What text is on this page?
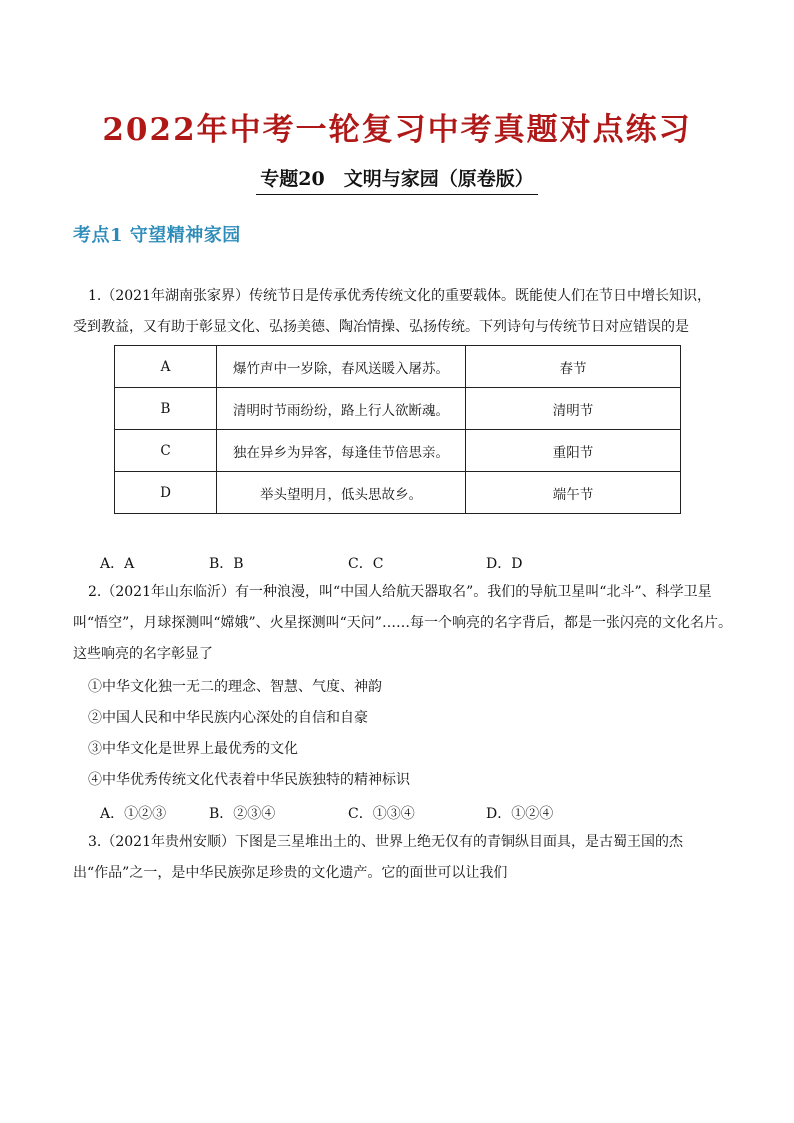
2022年中考一轮复习中考真题对点练习
专题20　文明与家园（原卷版）
考点1 守望精神家园
1.（2021年湖南张家界）传统节日是传承优秀传统文化的重要载体。既能使人们在节日中增长知识，
受到教益，又有助于彰显文化、弘扬美德、陶冶情操、弘扬传统。下列诗句与传统节日对应错误的是
A	爆竹声中一岁除，春风送暖入屠苏。	春节
B	清明时节雨纷纷，路上行人欲断魂。	清明节
C	独在异乡为异客，每逢佳节倍思亲。	重阳节
D	举头望明月，低头思故乡。	端午节
A．A	B．B	C．C	D．D
2.（2021年山东临沂）有一种浪漫，叫“中国人给航天器取名”。我们的导航卫星叫“北斗”、科学卫星
叫“悟空”，月球探测叫“嫦娥”、火星探测叫“天问”……每一个响亮的名字背后，都是一张闪亮的文化名片。
这些响亮的名字彰显了
①中华文化独一无二的理念、智慧、气度、神韵
②中国人民和中华民族内心深处的自信和自豪
③中华文化是世界上最优秀的文化
④中华优秀传统文化代表着中华民族独特的精神标识
A．①②③	B．②③④	C．①③④	D．①②④
3.（2021年贵州安顺）下图是三星堆出土的、世界上绝无仅有的青铜纵目面具，是古蜀王国的杰
出“作品”之一，是中华民族弥足珍贵的文化遗产。它的面世可以让我们
